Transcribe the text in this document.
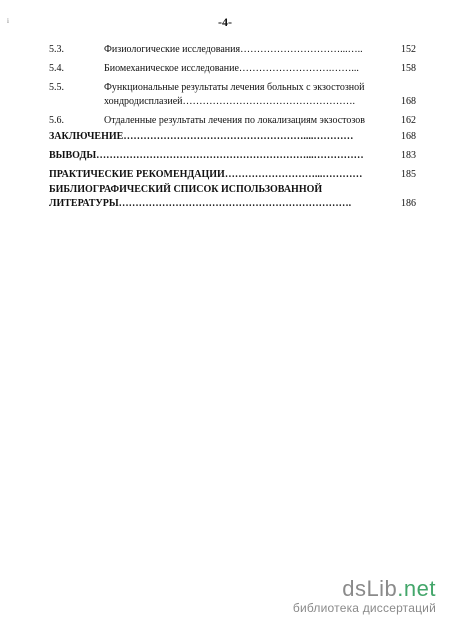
i	-4-
5.3.	Физиологические исследования…………………………...…..	152
5.4.	Биомеханическое исследование……………………….……...	158
5.5.	Функциональные результаты лечения больных с экзостозной
хондродисплазией…………………………………………….	168
5.6.	Отдаленные результаты лечения по локализациям экзостозов	162
ЗАКЛЮЧЕНИЕ………………………………………………....…………	168
ВЫВОДЫ………………………………………………………...……………	183
ПРАКТИЧЕСКИЕ РЕКОМЕНДАЦИИ………………………...…………	185
БИБЛИОГРАФИЧЕСКИЙ СПИСОК ИСПОЛЬЗОВАННОЙ
ЛИТЕРАТУРЫ…………………………………………………………….	186
dsLib.net
библиотека диссертаций
